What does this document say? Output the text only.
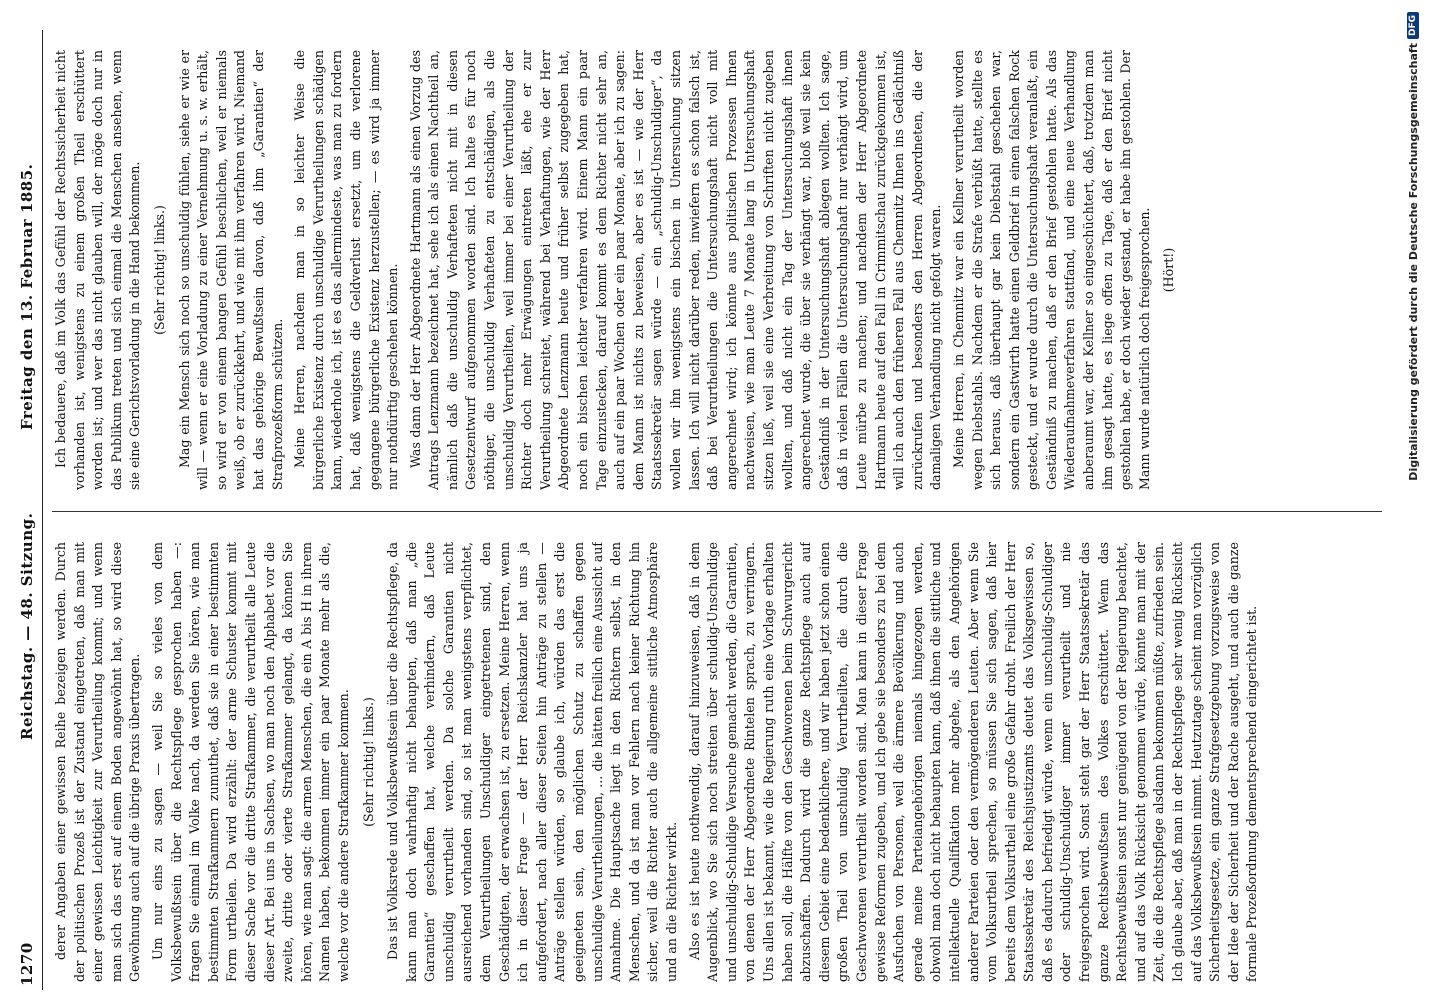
1270
Reichstag. — 48. Sitzung.
Freitag den 13. Februar 1885.

derer Angaben einer gewissen Reihe bezeigen werden. Durch der politischen Prozeß ist der Zustand eingetreten, daß man mit einer gewissen Leichtigkeit zur Verurtheilung kommt; und wenn man sich das erst auf einem Boden angewöhnt hat, so wird diese Gewöhnung auch auf die übrige Praxis übertragen. Um nur eins zu sagen — weil Sie so vieles von dem Volksbewußtsein über die Rechtspflege gesprochen haben —: fragen Sie einmal im Volke nach, da werden Sie hören, wie man bestimmten Strafkammern zumuthet, daß sie in einer bestimmten Form urtheilen. Da wird erzählt: der arme Schuster kommt mit dieser Sache vor die dritte Strafkammer, die verurtheilt alle Leute dieser Art. Bei uns in Sachsen, wo man noch den Alphabet vor die zweite, dritte oder vierte Strafkammer gelangt, da können Sie hören, wie man sagt: die armen Menschen, die ein A bis H in ihrem Namen haben, bekommen immer ein paar Monate mehr als die, welche vor die andere Strafkammer kommen. (Sehr richtig! links.) Das ist Volksrede und Volksbewußtsein über die Rechtspflege, da kann man doch wahrhaftig nicht behaupten, daß man „die Garantien“ geschaffen hat, welche verhindern, daß Leute unschuldig verurtheilt werden. Da solche Garantien nicht ausreichend vorhanden sind, so ist man wenigstens verpflichtet, dem Verurtheilungen Unschuldiger eingetretenen sind, den Geschädigten, der erwachsen ist, zu ersetzen. Meine Herren, wenn ich in dieser Frage — der Herr Reichskanzler hat uns ja aufgefordert, nach aller dieser Seiten hin Anträge zu stellen — Anträge stellen würden, so glaube ich, würden das erst die geeigneten sein, den möglichen Schutz zu schaffen gegen unschuldige Verurtheilungen, ... die hätten freilich eine Aussicht auf Annahme. Die Hauptsache liegt in den Richtern selbst, in den Menschen, und da ist man vor Fehlern nach keiner Richtung hin sicher, weil die Richter auch die allgemeine sittliche Atmosphäre und an die Richter wirkt. Also es ist heute nothwendig, darauf hinzuweisen, daß in dem Augenblick, wo Sie sich noch streiten über schuldig-Unschuldige und unschuldig-Schuldige Versuche gemacht werden, die Garantien, von denen der Herr Abgeordnete Rintelen sprach, zu verringern. Uns allen ist bekannt, wie die Regierung ruth eine Vorlage erhalten haben soll, die Hälfte von den Geschworenen beim Schwurgericht abzuschaffen. Dadurch wird die ganze Rechtspflege auch auf diesem Gebiet eine bedenklichere, und wir haben jetzt schon einen großen Theil von unschuldig Verurtheilten, die durch die Geschworenen verurtheilt worden sind. Man kann in dieser Frage gewisse Reformen zugeben, und ich gebe sie besonders zu bei dem Ausfuchen von Personen, weil die ärmere Bevölkerung und auch gerade meine Parteiangehörigen niemals hingezogen werden, obwohl man doch nicht behaupten kann, daß ihnen die sittliche und intellektuelle Qualifikation mehr abgehe, als den Angehörigen anderer Parteien oder den vermögenderen Leuten. Aber wenn Sie vom Volksurtheil sprechen, so müssen Sie sich sagen, daß hier bereits dem Volksurtheil eine große Gefahr droht. Freilich der Herr Staatssekretär des Reichsjustizamts deutet das Volksgewissen so, daß es dadurch befriedigt würde, wenn ein unschuldig-Schuldiger oder schuldig-Unschuldiger immer verurtheilt und nie freigesprochen wird. Sonst steht gar der Herr Staatssekretär das ganze Rechtsbewußtsein des Volkes erschüttert. Wenn das Rechtsbewußtsein sonst nur genügend von der Regierung beachtet, und auf das Volk Rücksicht genommen würde, könnte man mit der Zeit, die die Rechtspflege alsdann bekommen müßte, zufrieden sein. Ich glaube aber, daß man in der Rechtspflege sehr wenig Rücksicht auf das Volksbewußtsein nimmt. Heutzutage scheint man vorzüglich Sicherheitsgesetze, ein ganze Strafgesetzgebung vorzugsweise von der Idee der Sicherheit und der Rache ausgeht, und auch die ganze formale Prozeßordnung dementsprechend eingerichtet ist.

Ich bedauere, daß im Volk das Gefühl der Rechtssicherheit nicht vorhanden ist, wenigstens zu einem großen Theil erschüttert worden ist; und wer das nicht glauben will, der möge doch nur in das Publikum treten und sich einmal die Menschen ansehen, wenn sie eine Gerichtsvorladung in die Hand bekommen. (Sehr richtig! links.) Mag ein Mensch sich noch so unschuldig fühlen, siehe er wie er will — wenn er eine Vorladung zu einer Vernehmung u. s. w. erhält, so wird er von einem bangen Gefühl beschlichen, weil er niemals weiß, ob er zurückkehrt, und wie mit ihm verfahren wird. Niemand hat das gehörige Bewußtsein davon, daß ihm „Garantien“ der Strafprozeßform schützen. Meine Herren, nachdem man in so leichter Weise die bürgerliche Existenz durch unschuldige Verurtheilungen schädigen kann, wiederhole ich, ist es das allermindeste, was man zu fordern hat, daß wenigstens die Geldverlust ersetzt, um die verlorene gegangene bürgerliche Existenz herzustellen; — es wird ja immer nur nothdürftig geschehen können. Was dann der Herr Abgeordnete Hartmann als einen Vorzug des Antrags Lenzmann bezeichnet hat, sehe ich als einen Nachtheil an, nämlich daß die unschuldig Verhafteten nicht mit in diesen Gesetzentwurf aufgenommen worden sind. Ich halte es für noch nöthiger, die unschuldig Verhafteten zu entschädigen, als die unschuldig Verurtheilten, weil immer bei einer Verurtheilung der Richter doch mehr Erwägungen eintreten läßt, ehe er zur Verurtheilung schreitet, während bei Verhaftungen, wie der Herr Abgeordnete Lenzmann heute und früher selbst zugegeben hat, noch ein bischen leichter verfahren wird. Einem Mann ein paar Tage einzustecken, darauf kommt es dem Richter nicht sehr an, auch auf ein paar Wochen oder ein paar Monate, aber ich zu sagen: dem Mann ist nichts zu beweisen, aber es ist — wie der Herr Staatssekretär sagen würde — ein „schuldig-Unschuldiger“, da wollen wir ihn wenigstens ein bischen in Untersuchung sitzen lassen. Ich will nicht darüber reden, inwiefern es schon falsch ist, daß bei Verurtheilungen die Untersuchungshaft nicht voll mit angerechnet wird; ich könnte aus politischen Prozessen Ihnen nachweisen, wie man Leute 7 Monate lang in Untersuchungshaft sitzen ließ, weil sie eine Verbreitung von Schriften nicht zugeben wollten, und daß nicht ein Tag der Untersuchungshaft ihnen angerechnet wurde, die über sie verhängt war, bloß weil sie kein Geständniß in der Untersuchungshaft ablegen wollten. Ich sage, daß in vielen Fällen die Untersuchungshaft nur verhängt wird, um Leute mürbe zu machen; und nachdem der Herr Abgeordnete Hartmann heute auf den Fall in Crimmitschau zurückgekommen ist, will ich auch den früheren Fall aus Chemnitz Ihnen ins Gedächtniß zurückrufen und besonders den Herren Abgeordneten, die der damaligen Verhandlung nicht gefolgt waren. Meine Herren, in Chemnitz war ein Kellner verurtheilt worden wegen Diebstahls. Nachdem er die Strafe verbüßt hatte, stellte es sich heraus, daß überhaupt gar kein Diebstahl geschehen war, sondern ein Gastwirth hatte einen Geldbrief in einen falschen Rock gesteckt, und er wurde durch die Untersuchungshaft veranlaßt, ein Geständniß zu machen, daß er den Brief gestohlen hatte. Als das Wiederaufnahmeverfahren stattfand, und eine neue Verhandlung anberaumt war, der Kellner so eingeschüchtert, daß, trotzdem man ihm gesagt hatte, es liege offen zu Tage, daß er den Brief nicht gestohlen habe, er doch wieder gestand, er habe ihn gestohlen. Der Mann wurde natürlich doch freigesprochen. (Hört!)	Digitalisierung gefördert durch die Deutsche Forschungsgemeinschaft
DFG
